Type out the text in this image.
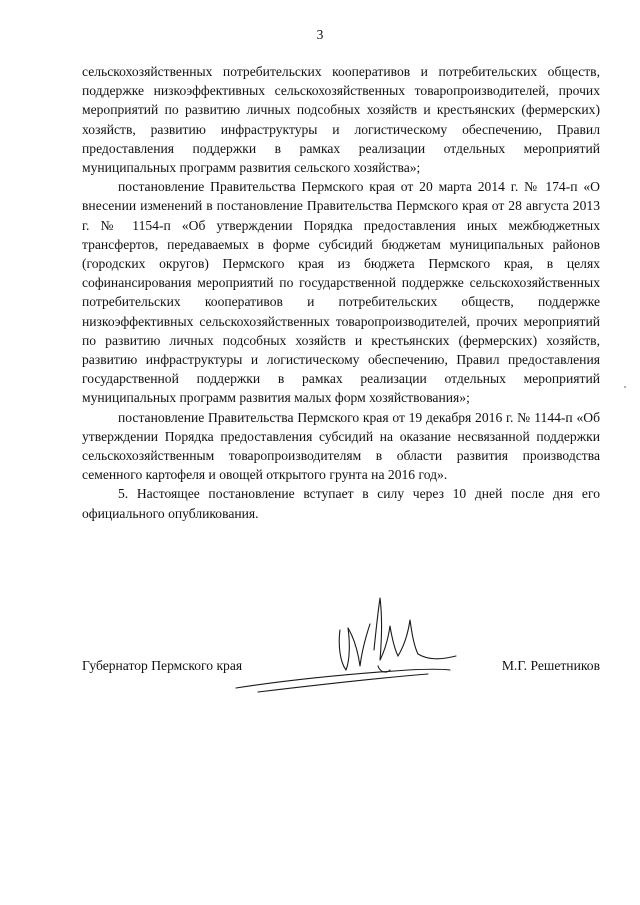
3

сельскохозяйственных потребительских кооперативов и потребительских обществ, поддержке низкоэффективных сельскохозяйственных товаропроизводителей, прочих мероприятий по развитию личных подсобных хозяйств и крестьянских (фермерских) хозяйств, развитию инфраструктуры и логистическому обеспечению, Правил предоставления поддержки в рамках реализации отдельных мероприятий муниципальных программ развития сельского хозяйства»;

постановление Правительства Пермского края от 20 марта 2014 г. № 174-п «О внесении изменений в постановление Правительства Пермского края от 28 августа 2013 г. № 1154-п «Об утверждении Порядка предоставления иных межбюджетных трансфертов, передаваемых в форме субсидий бюджетам муниципальных районов (городских округов) Пермского края из бюджета Пермского края, в целях софинансирования мероприятий по государственной поддержке сельскохозяйственных потребительских кооперативов и потребительских обществ, поддержке низкоэффективных сельскохозяйственных товаропроизводителей, прочих мероприятий по развитию личных подсобных хозяйств и крестьянских (фермерских) хозяйств, развитию инфраструктуры и логистическому обеспечению, Правил предоставления государственной поддержки в рамках реализации отдельных мероприятий муниципальных программ развития малых форм хозяйствования»;

постановление Правительства Пермского края от 19 декабря 2016 г. № 1144-п «Об утверждении Порядка предоставления субсидий на оказание несвязанной поддержки сельскохозяйственным товаропроизводителям в области развития производства семенного картофеля и овощей открытого грунта на 2016 год».

5. Настоящее постановление вступает в силу через 10 дней после дня его официального опубликования.

Губернатор Пермского края	М.Г. Решетников
